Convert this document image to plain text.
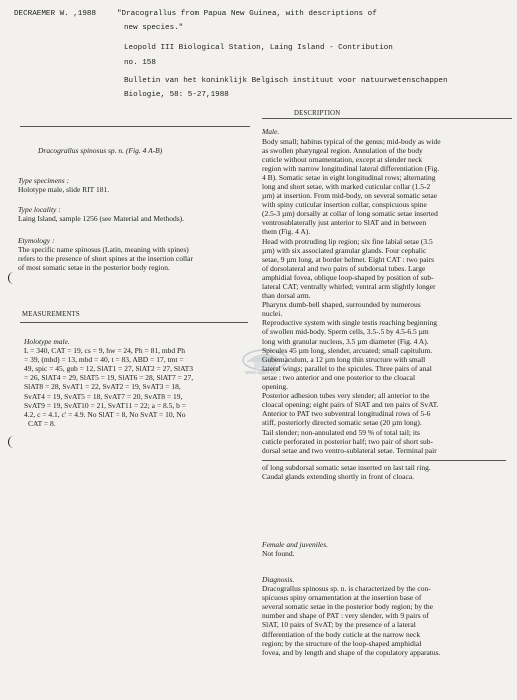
DECRAEMER W. ,1988	"Dracograllus from Papua New Guinea, with descriptions of
new species."
Leopold III Biological Station, Laing Island - Contribution
no. 158
Bulletin van het koninklijk Belgisch instituut voor natuurwetenschappen
Biologie, 58: 5-27,1988
Dracograllus spinosus sp. n. (Fig. 4 A-B)
Type specimens :
Holotype male, slide RIT 181.
Type locality :
Laing Island, sample 1256 (see Material and Methods).
Etymology :
The specific name spinosus (Latin, meaning with spines)
refers to the presence of short spines at the insertion collar
of most somatic setae in the posterior body region.
MEASUREMENTS
Holotype male.
L = 340, CAT = 19, cs = 9, hw = 24, Ph = 81, mbd Ph
= 39, (mbd) = 13, mbd = 40, t = 83, ABD = 17, tmt =
49, spic = 45, gub = 12, SlAT1 = 27, SlAT2 = 27, SlAT3
= 26, SlAT4 = 29, SlAT5 = 19, SlAT6 = 28, SlAT7 = 27,
SlAT8 = 28, SvAT1 = 22, SvAT2 = 19, SvAT3 = 18,
SvAT4 = 19, SvAT5 = 18, SvAT7 = 20, SvAT8 = 19,
SvAT9 = 19, SvAT10 = 21, SvAT11 = 22; a = 8.5, b =
4.2, c = 4.1, c' = 4.9. No SlAT = 8, No SvAT = 10, No
CAT = 8.
www.agent.be
DESCRIPTION
Male.
Body small; habitus typical of the genus; mid-body as wide
as swollen pharyngeal region. Annulation of the body
cuticle without ornamentation, except at slender neck
region with narrow longitudinal lateral differentiation (Fig.
4 B). Somatic setae in eight longitudinal rows; alternating
long and short setae, with marked cuticular collar (1.5-2
µm) at insertion. From mid-body, on several somatic setae
with spiny cuticular insertion collar, conspicuous spine
(2.5-3 µm) dorsally at collar of long somatic setae inserted
ventrosublaterally just anterior to SlAT and in between
them (Fig. 4 A).
Head with protruding lip region; six fine labial setae (3.5
µm) with six associated granular glands. Four cephalic
setae, 9 µm long, at border helmet. Eight CAT : two pairs
of dorsolateral and two pairs of subdorsal tubes. Large
amphidial fovea, oblique loop-shaped by position of sub-
lateral CAT; ventrally whirled; ventral arm slightly longer
than dorsal arm.
Pharynx dumb-bell shaped, surrounded by numerous
nuclei.
Reproductive system with single testis reaching beginning
of swollen mid-body. Sperm cells, 3.5-.5 by 4.5-6.5 µm
long with granular nucleus, 3.5 µm diameter (Fig. 4 A).
Spicules 45 µm long, slender, arcuated; small capitulum.
Gubernaculum, a 12 µm long thin structure with small
lateral wings; parallel to the spicules. Three pairs of anal
setae : two anterior and one posterior to the cloacal
opening.
Posterior adhesion tubes very slender; all anterior to the
cloacal opening; eight pairs of SlAT and ten pairs of SvAT.
Anterior to PAT two subventral longitudinal rows of 5-6
stiff, posteriorly directed somatic setae (20 µm long).
Tail slender; non-annulated end 59 % of total tail; its
cuticle perforated in posterior half; two pair of short sub-
dorsal setae and two ventro-sublateral setae. Terminal pair
of long subdorsal somatic setae inserted on last tail ring.
Caudal glands extending shortly in front of cloaca.
Female and juveniles.
Not found.
Diagnosis.
Dracograllus spinosus sp. n. is characterized by the con-
spicuous spiny ornamentation at the insertion base of
several somatic setae in the posterior body region; by the
number and shape of PAT : very slender, with 9 pairs of
SlAT, 10 pairs of SvAT; by the presence of a lateral
differentiation of the body cuticle at the narrow neck
region; by the structure of the loop-shaped amphidial
fovea, and by length and shape of the copulatory apparatus.
